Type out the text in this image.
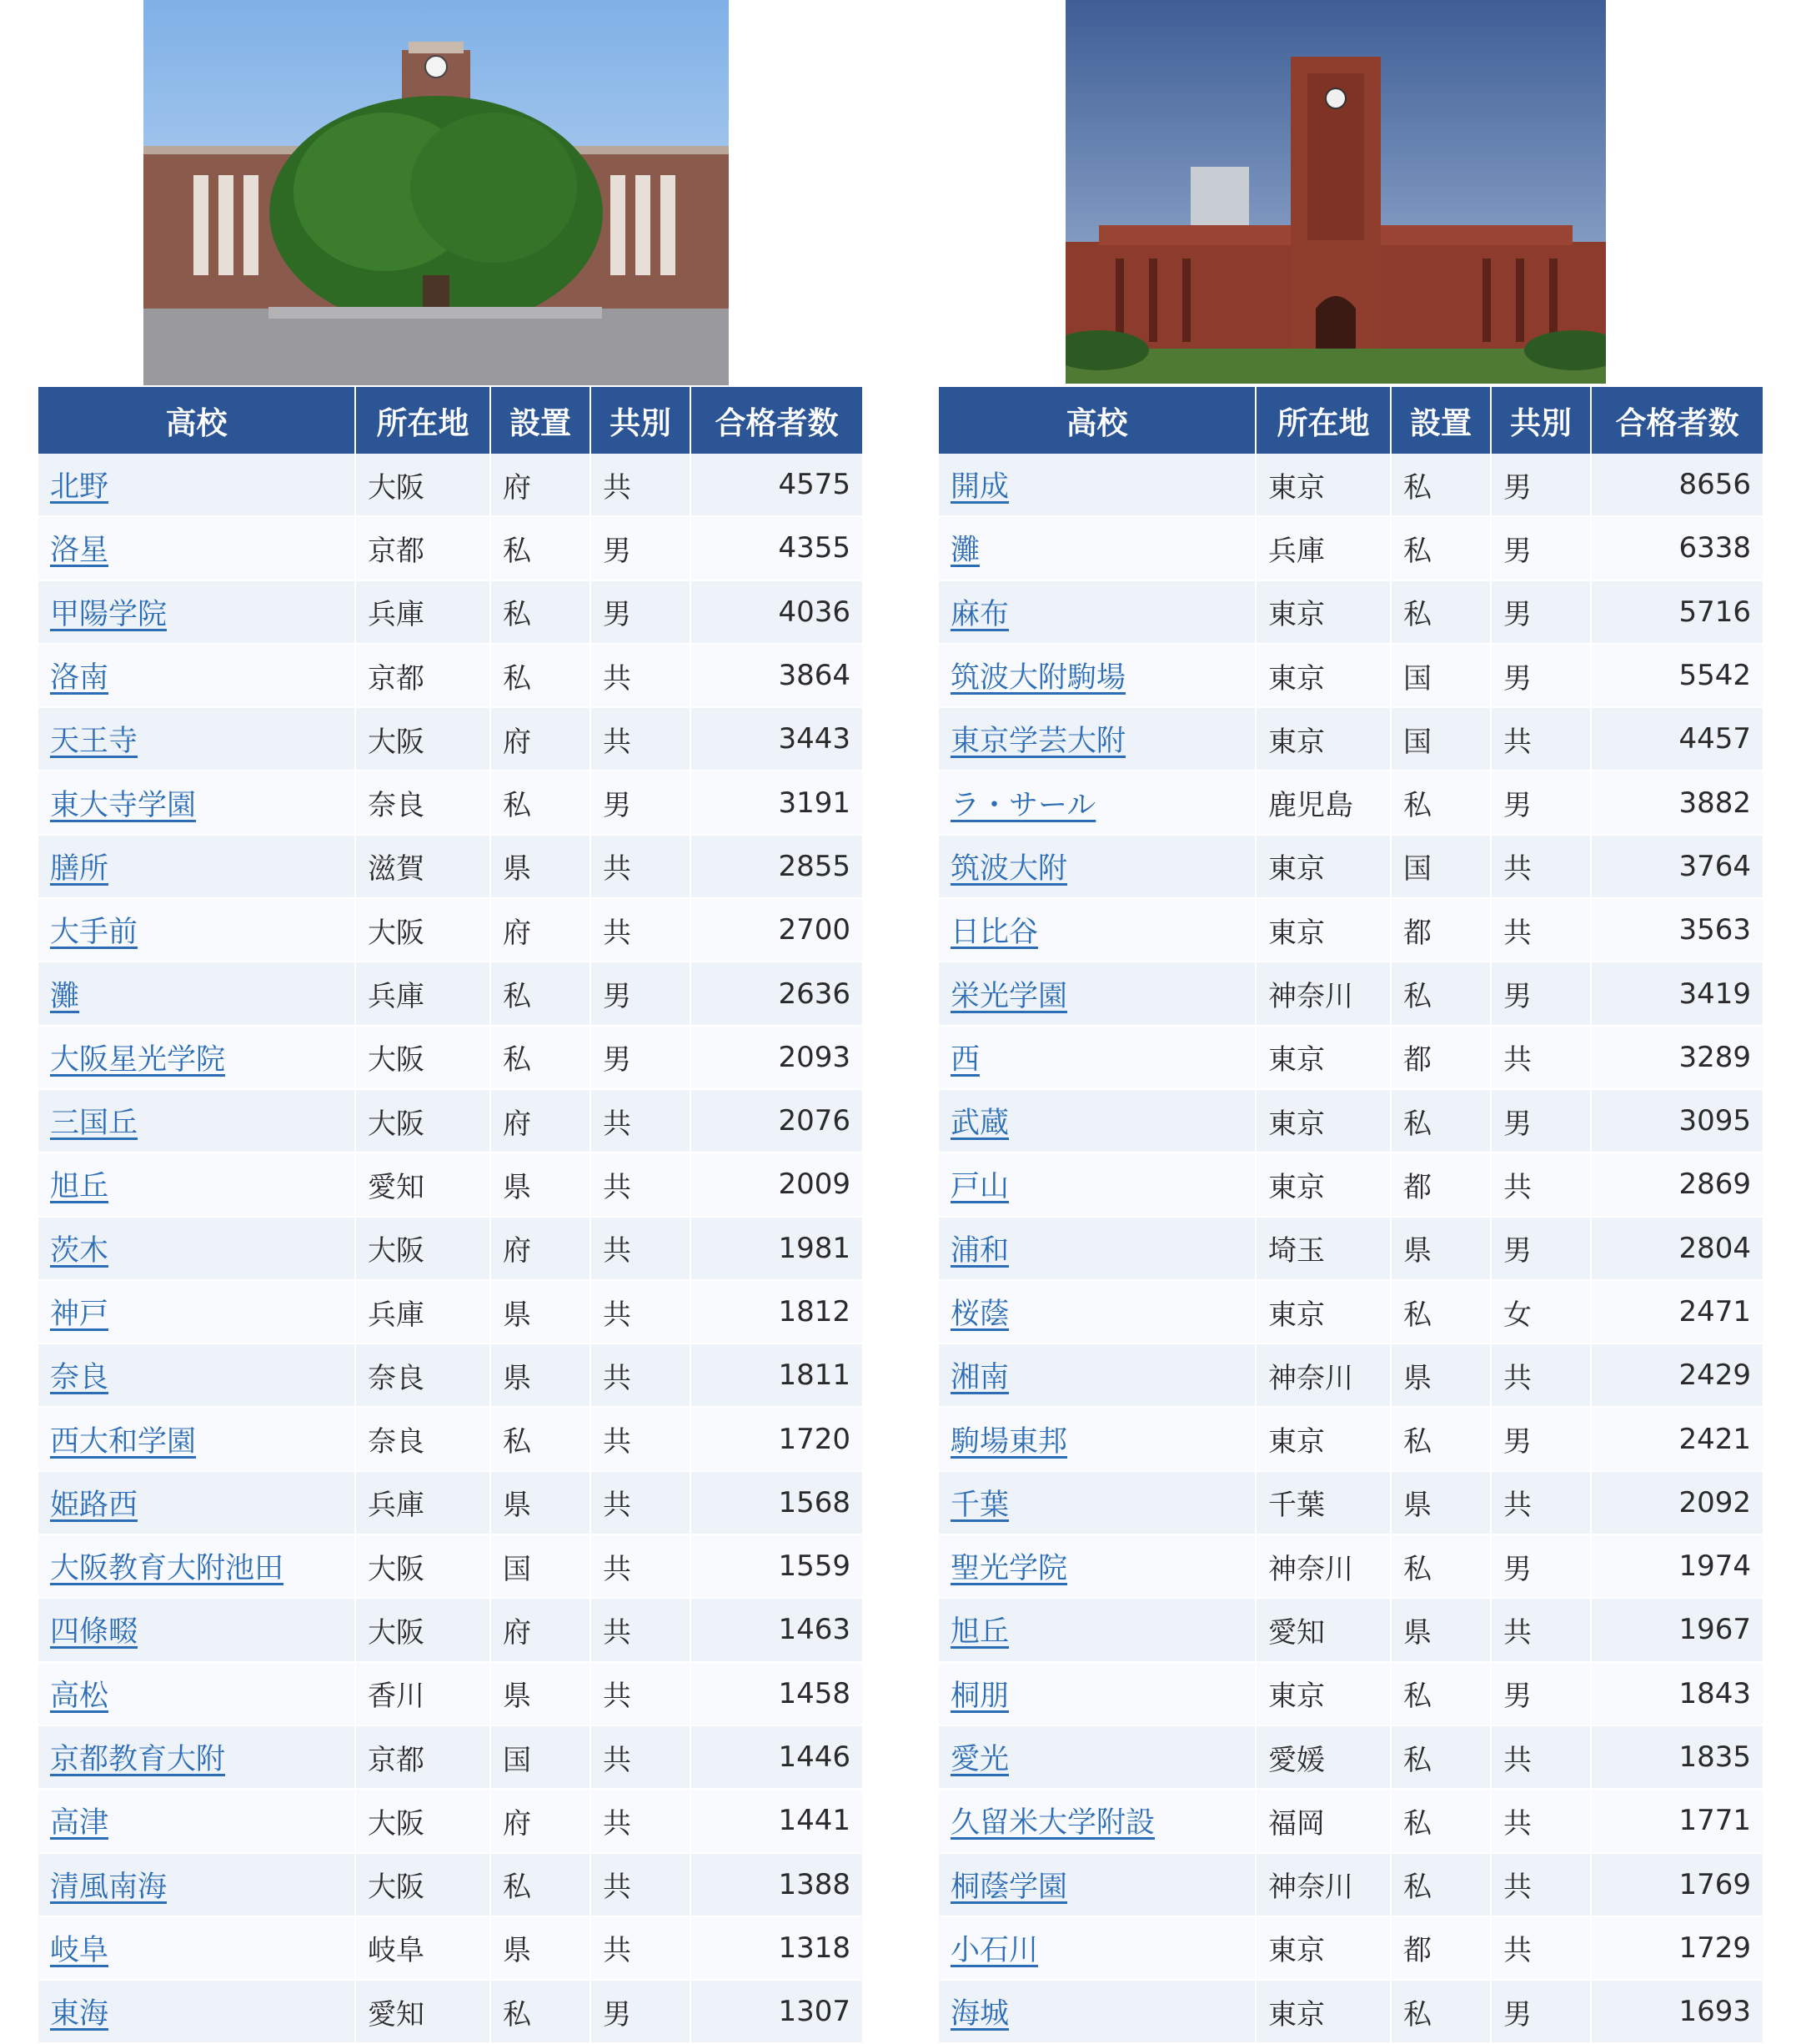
高校	所在地	設置	共別	合格者数
北野	大阪	府	共	4575
洛星	京都	私	男	4355
甲陽学院	兵庫	私	男	4036
洛南	京都	私	共	3864
天王寺	大阪	府	共	3443
東大寺学園	奈良	私	男	3191
膳所	滋賀	県	共	2855
大手前	大阪	府	共	2700
灘	兵庫	私	男	2636
大阪星光学院	大阪	私	男	2093
三国丘	大阪	府	共	2076
旭丘	愛知	県	共	2009
茨木	大阪	府	共	1981
神戸	兵庫	県	共	1812
奈良	奈良	県	共	1811
西大和学園	奈良	私	共	1720
姫路西	兵庫	県	共	1568
大阪教育大附池田	大阪	国	共	1559
四條畷	大阪	府	共	1463
高松	香川	県	共	1458
京都教育大附	京都	国	共	1446
高津	大阪	府	共	1441
清風南海	大阪	私	共	1388
岐阜	岐阜	県	共	1318
東海	愛知	私	男	1307
高校	所在地	設置	共別	合格者数
開成	東京	私	男	8656
灘	兵庫	私	男	6338
麻布	東京	私	男	5716
筑波大附駒場	東京	国	男	5542
東京学芸大附	東京	国	共	4457
ラ・サール	鹿児島	私	男	3882
筑波大附	東京	国	共	3764
日比谷	東京	都	共	3563
栄光学園	神奈川	私	男	3419
西	東京	都	共	3289
武蔵	東京	私	男	3095
戸山	東京	都	共	2869
浦和	埼玉	県	男	2804
桜蔭	東京	私	女	2471
湘南	神奈川	県	共	2429
駒場東邦	東京	私	男	2421
千葉	千葉	県	共	2092
聖光学院	神奈川	私	男	1974
旭丘	愛知	県	共	1967
桐朋	東京	私	男	1843
愛光	愛媛	私	共	1835
久留米大学附設	福岡	私	共	1771
桐蔭学園	神奈川	私	共	1769
小石川	東京	都	共	1729
海城	東京	私	男	1693
